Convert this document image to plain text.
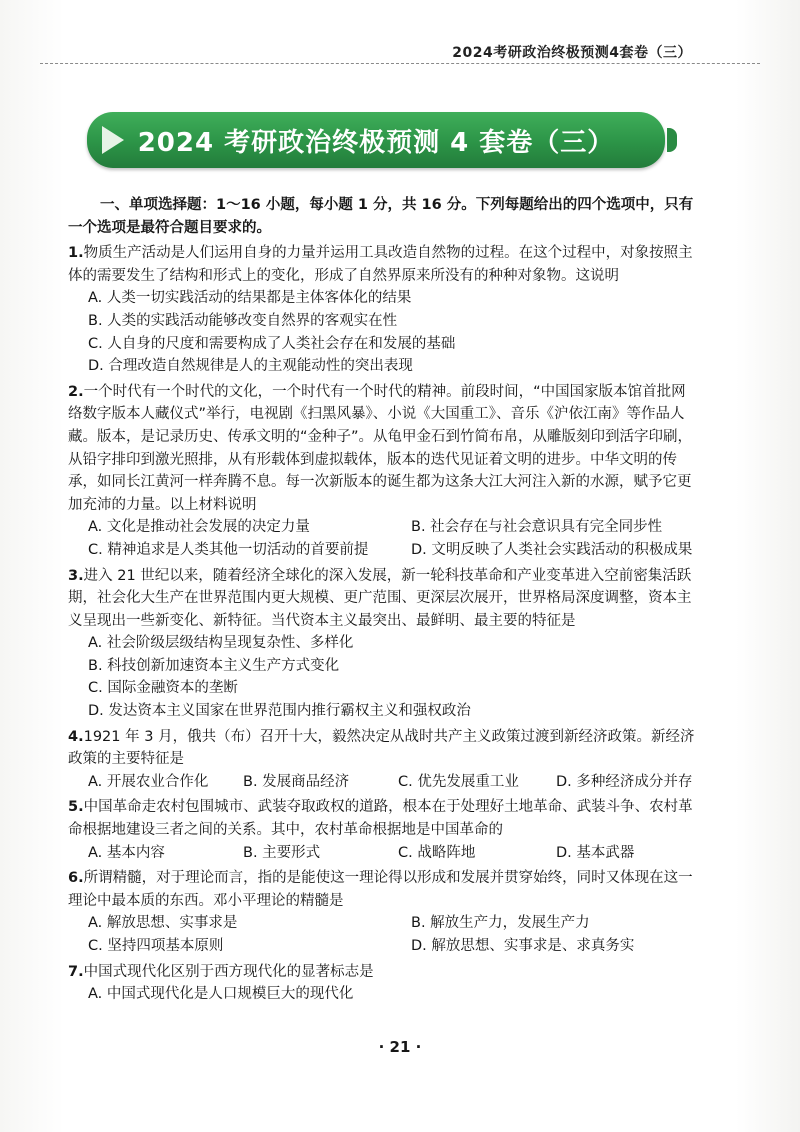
2024考研政治终极预测4套卷（三）
2024 考研政治终极预测 4 套卷（三）
一、单项选择题：1～16 小题，每小题 1 分，共 16 分。下列每题给出的四个选项中，只有一个选项是最符合题目要求的。
1.物质生产活动是人们运用自身的力量并运用工具改造自然物的过程。在这个过程中，对象按照主体的需要发生了结构和形式上的变化，形成了自然界原来所没有的种种对象物。这说明
A. 人类一切实践活动的结果都是主体客体化的结果
B. 人类的实践活动能够改变自然界的客观实在性
C. 人自身的尺度和需要构成了人类社会存在和发展的基础
D. 合理改造自然规律是人的主观能动性的突出表现
2.一个时代有一个时代的文化，一个时代有一个时代的精神。前段时间，“中国国家版本馆首批网络数字版本人藏仪式”举行，电视剧《扫黑风暴》、小说《大国重工》、音乐《沪依江南》等作品人藏。版本，是记录历史、传承文明的“金种子”。从龟甲金石到竹简布帛，从雕版刻印到活字印刷，从铅字排印到激光照排，从有形载体到虚拟载体，版本的迭代见证着文明的进步。中华文明的传承，如同长江黄河一样奔腾不息。每一次新版本的诞生都为这条大江大河注入新的水源，赋予它更加充沛的力量。以上材料说明
A. 文化是推动社会发展的决定力量	B. 社会存在与社会意识具有完全同步性
C. 精神追求是人类其他一切活动的首要前提	D. 文明反映了人类社会实践活动的积极成果
3.进入 21 世纪以来，随着经济全球化的深入发展，新一轮科技革命和产业变革进入空前密集活跃期，社会化大生产在世界范围内更大规模、更广范围、更深层次展开，世界格局深度调整，资本主义呈现出一些新变化、新特征。当代资本主义最突出、最鲜明、最主要的特征是
A. 社会阶级层级结构呈现复杂性、多样化
B. 科技创新加速资本主义生产方式变化
C. 国际金融资本的垄断
D. 发达资本主义国家在世界范围内推行霸权主义和强权政治
4.1921 年 3 月，俄共（布）召开十大，毅然决定从战时共产主义政策过渡到新经济政策。新经济政策的主要特征是
A. 开展农业合作化	B. 发展商品经济	C. 优先发展重工业	D. 多种经济成分并存
5.中国革命走农村包围城市、武装夺取政权的道路，根本在于处理好土地革命、武装斗争、农村革命根据地建设三者之间的关系。其中，农村革命根据地是中国革命的
A. 基本内容	B. 主要形式	C. 战略阵地	D. 基本武器
6.所谓精髓，对于理论而言，指的是能使这一理论得以形成和发展并贯穿始终，同时又体现在这一理论中最本质的东西。邓小平理论的精髓是
A. 解放思想、实事求是	B. 解放生产力，发展生产力
C. 坚持四项基本原则	D. 解放思想、实事求是、求真务实
7.中国式现代化区别于西方现代化的显著标志是
A. 中国式现代化是人口规模巨大的现代化
· 21 ·
